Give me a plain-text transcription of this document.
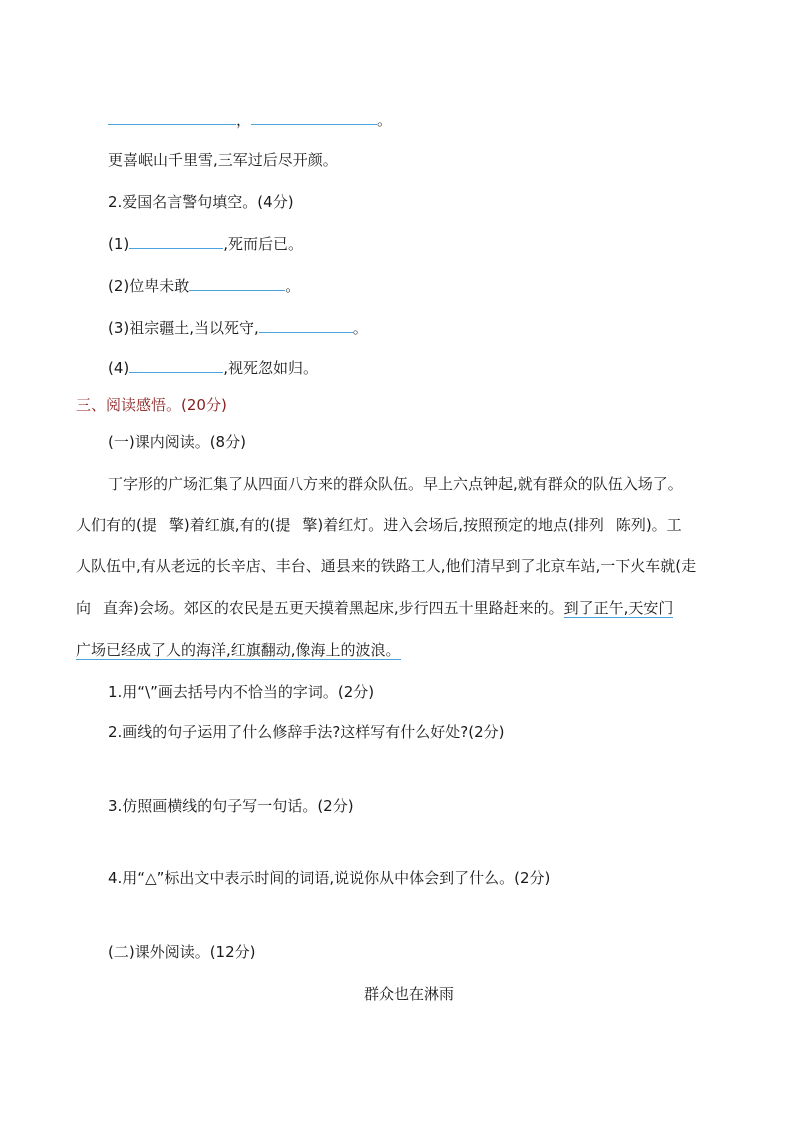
，	。
更喜岷山千里雪,三军过后尽开颜。
2.爱国名言警句填空。(4分)
(1)	,死而后已。
(2)位卑未敢	。
(3)祖宗疆土,当以死守,	。
(4)	,视死忽如归。
三、阅读感悟。(20分)
(一)课内阅读。(8分)
丁字形的广场汇集了从四面八方来的群众队伍。早上六点钟起,就有群众的队伍入场了。
人们有的(提 擎)着红旗,有的(提 擎)着红灯。进入会场后,按照预定的地点(排列 陈列)。工
人队伍中,有从老远的长辛店、丰台、通县来的铁路工人,他们清早到了北京车站,一下火车就(走
向 直奔)会场。郊区的农民是五更天摸着黑起床,步行四五十里路赶来的。到了正午,天安门
广场已经成了人的海洋,红旗翻动,像海上的波浪。
1.用“\”画去括号内不恰当的字词。(2分)
2.画线的句子运用了什么修辞手法?这样写有什么好处?(2分)
3.仿照画横线的句子写一句话。(2分)
4.用“△”标出文中表示时间的词语,说说你从中体会到了什么。(2分)
(二)课外阅读。(12分)
群众也在淋雨
